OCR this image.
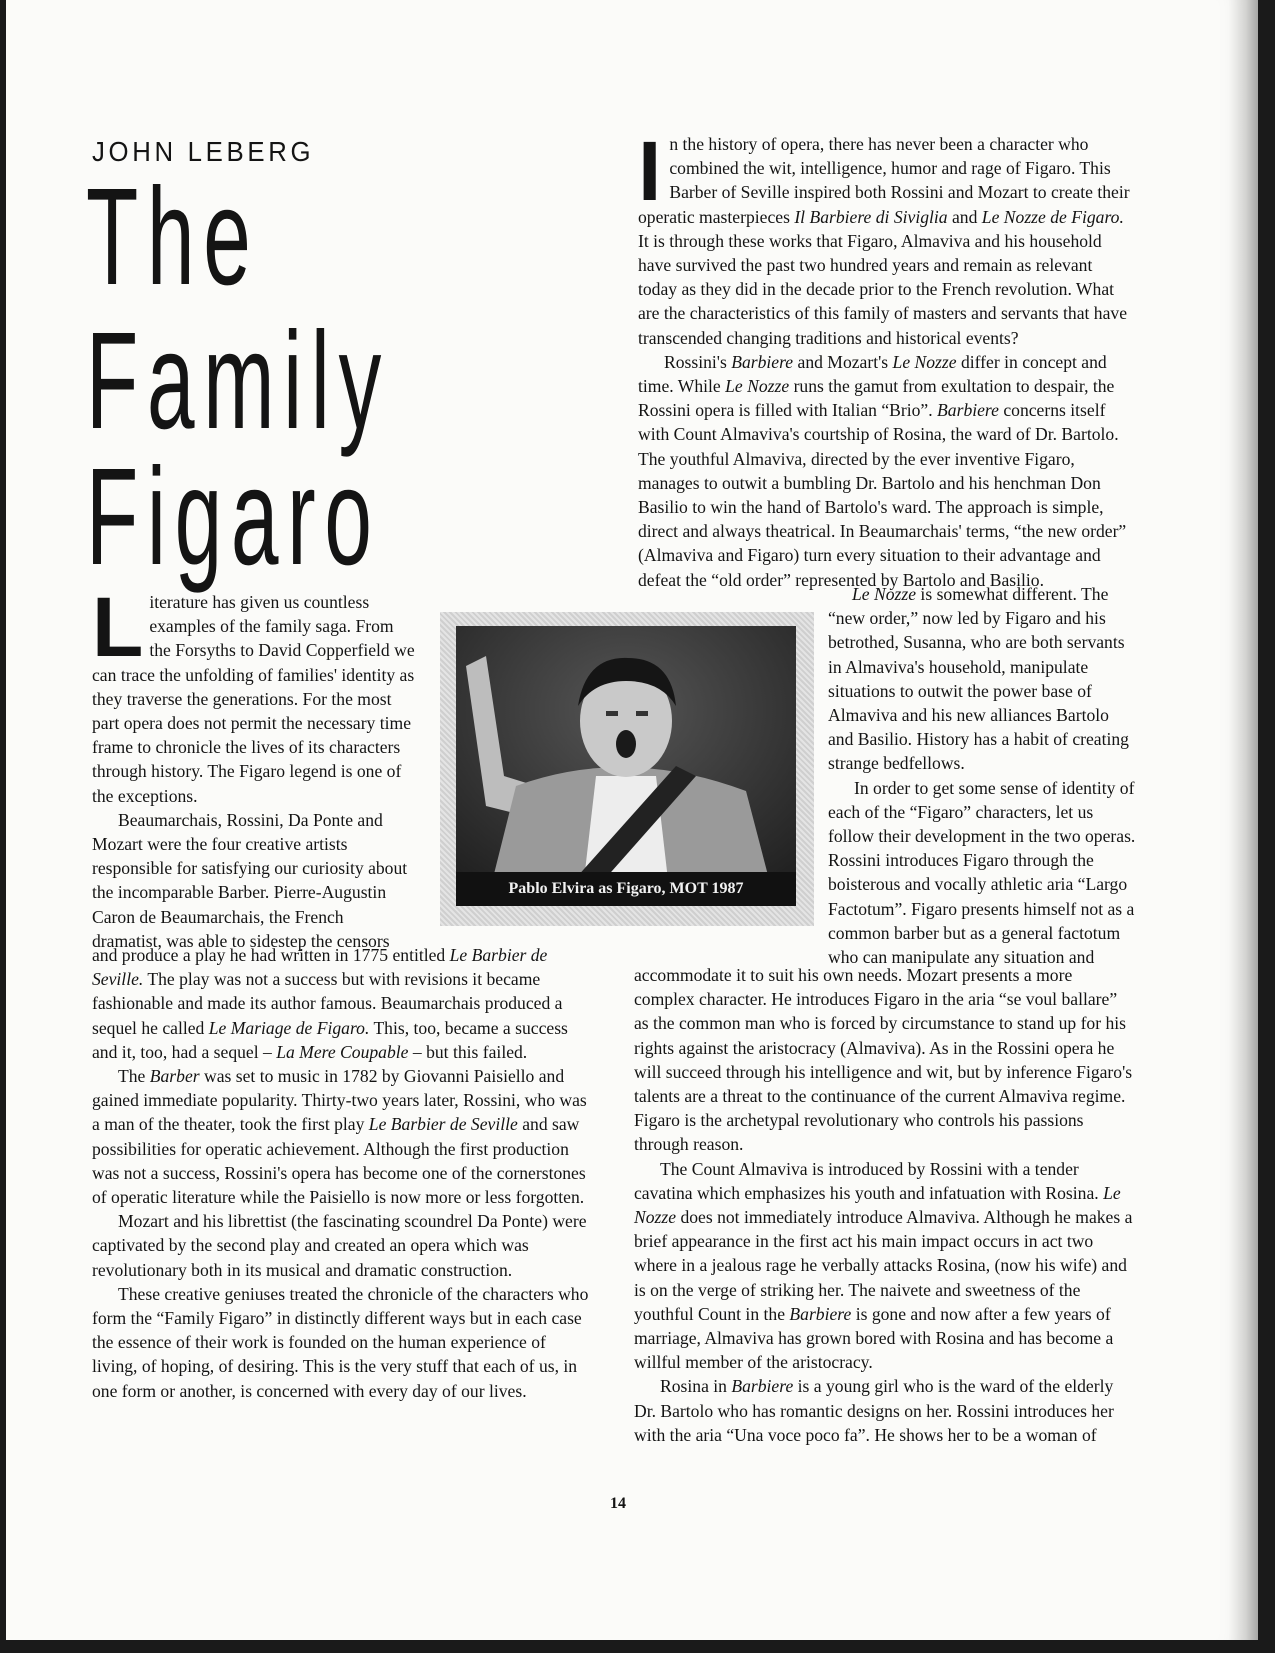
JOHN LEBERG
The
Family
Figaro

Literature has given us countless examples of the family saga. From the Forsyths to David Copperfield we can trace the unfolding of families' identity as they traverse the generations. For the most part opera does not permit the necessary time frame to chronicle the lives of its characters through history. The Figaro legend is one of the exceptions.

Beaumarchais, Rossini, Da Ponte and Mozart were the four creative artists responsible for satisfying our curiosity about the incomparable Barber. Pierre-Augustin Caron de Beaumarchais, the French dramatist, was able to sidestep the censors

and produce a play he had written in 1775 entitled Le Barbier de Seville. The play was not a success but with revisions it became fashionable and made its author famous. Beaumarchais produced a sequel he called Le Mariage de Figaro. This, too, became a success and it, too, had a sequel – La Mere Coupable – but this failed.

The Barber was set to music in 1782 by Giovanni Paisiello and gained immediate popularity. Thirty-two years later, Rossini, who was a man of the theater, took the first play Le Barbier de Seville and saw possibilities for operatic achievement. Although the first production was not a success, Rossini's opera has become one of the cornerstones of operatic literature while the Paisiello is now more or less forgotten.

Mozart and his librettist (the fascinating scoundrel Da Ponte) were captivated by the second play and created an opera which was revolutionary both in its musical and dramatic construction.

These creative geniuses treated the chronicle of the characters who form the “Family Figaro” in distinctly different ways but in each case the essence of their work is founded on the human experience of living, of hoping, of desiring. This is the very stuff that each of us, in one form or another, is concerned with every day of our lives.

Pablo Elvira as Figaro, MOT 1987

In the history of opera, there has never been a character who combined the wit, intelligence, humor and rage of Figaro. This Barber of Seville inspired both Rossini and Mozart to create their operatic masterpieces Il Barbiere di Siviglia and Le Nozze de Figaro. It is through these works that Figaro, Almaviva and his household have survived the past two hundred years and remain as relevant today as they did in the decade prior to the French revolution. What are the characteristics of this family of masters and servants that have transcended changing traditions and historical events?

Rossini's Barbiere and Mozart's Le Nozze differ in concept and time. While Le Nozze runs the gamut from exultation to despair, the Rossini opera is filled with Italian “Brio”. Barbiere concerns itself with Count Almaviva's courtship of Rosina, the ward of Dr. Bartolo. The youthful Almaviva, directed by the ever inventive Figaro, manages to outwit a bumbling Dr. Bartolo and his henchman Don Basilio to win the hand of Bartolo's ward. The approach is simple, direct and always theatrical. In Beaumarchais' terms, “the new order” (Almaviva and Figaro) turn every situation to their advantage and defeat the “old order” represented by Bartolo and Basilio.

Le Nozze is somewhat different. The “new order,” now led by Figaro and his betrothed, Susanna, who are both servants in Almaviva's household, manipulate situations to outwit the power base of Almaviva and his new alliances Bartolo and Basilio. History has a habit of creating strange bedfellows.

In order to get some sense of identity of each of the “Figaro” characters, let us follow their development in the two operas. Rossini introduces Figaro through the boisterous and vocally athletic aria “Largo Factotum”. Figaro presents himself not as a common barber but as a general factotum who can manipulate any situation and

accommodate it to suit his own needs. Mozart presents a more complex character. He introduces Figaro in the aria “se voul ballare” as the common man who is forced by circumstance to stand up for his rights against the aristocracy (Almaviva). As in the Rossini opera he will succeed through his intelligence and wit, but by inference Figaro's talents are a threat to the continuance of the current Almaviva regime. Figaro is the archetypal revolutionary who controls his passions through reason.

The Count Almaviva is introduced by Rossini with a tender cavatina which emphasizes his youth and infatuation with Rosina. Le Nozze does not immediately introduce Almaviva. Although he makes a brief appearance in the first act his main impact occurs in act two where in a jealous rage he verbally attacks Rosina, (now his wife) and is on the verge of striking her. The naivete and sweetness of the youthful Count in the Barbiere is gone and now after a few years of marriage, Almaviva has grown bored with Rosina and has become a willful member of the aristocracy.

Rosina in Barbiere is a young girl who is the ward of the elderly Dr. Bartolo who has romantic designs on her. Rossini introduces her with the aria “Una voce poco fa”. He shows her to be a woman of

14
